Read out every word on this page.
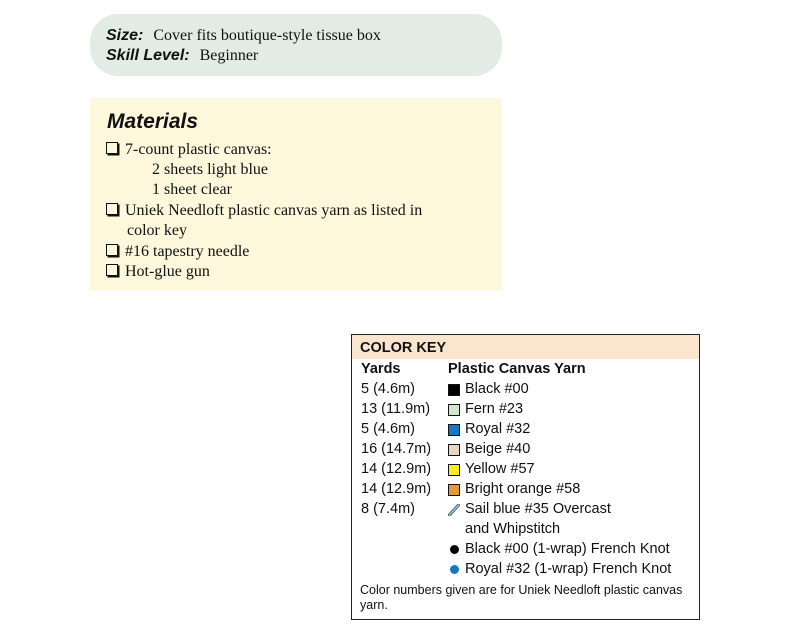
Size: Cover fits boutique-style tissue box
Skill Level: Beginner
Materials
7-count plastic canvas:
2 sheets light blue
1 sheet clear
Uniek Needloft plastic canvas yarn as listed in
color key
#16 tapestry needle
Hot-glue gun
COLOR KEY
Yards	Plastic Canvas Yarn
5 (4.6m)	Black #00
13 (11.9m) Fern #23
5 (4.6m)	Royal #32
16 (14.7m) Beige #40
14 (12.9m) Yellow #57
14 (12.9m) Bright orange #58
8 (7.4m)	Sail blue #35 Overcast
and Whipstitch
Black #00 (1-wrap) French Knot
Royal #32 (1-wrap) French Knot
Color numbers given are for Uniek Needloft plastic canvas yarn.
